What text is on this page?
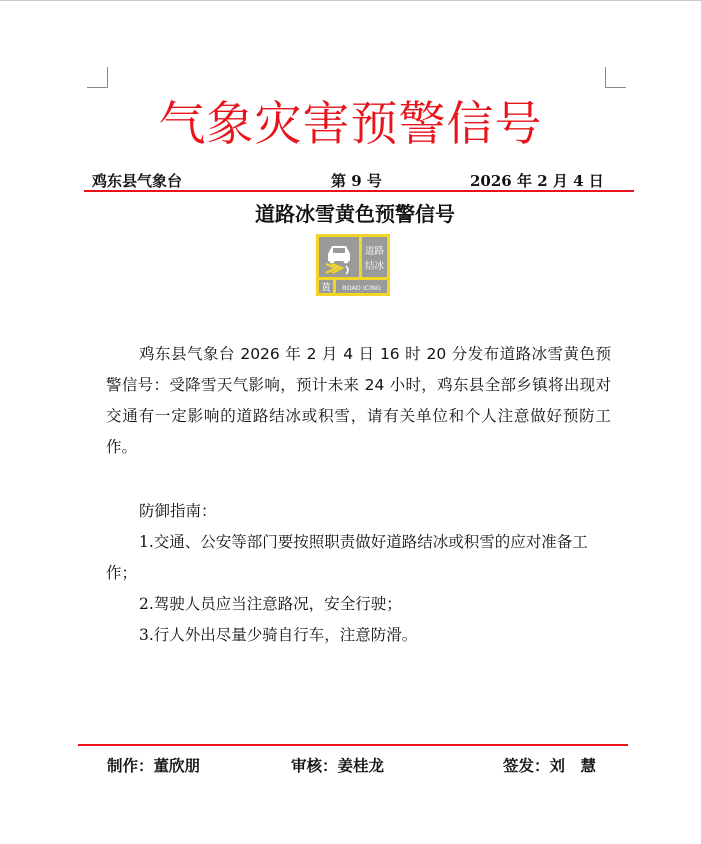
气象灾害预警信号
鸡东县气象台	第 9 号	2026 年 2 月 4 日
道路冰雪黄色预警信号
道路
结冰
黄 ROAD ICING

鸡东县气象台 2026 年 2 月 4 日 16 时 20 分发布道路冰雪黄色预警信号：受降雪天气影响，预计未来 24 小时，鸡东县全部乡镇将出现对交通有一定影响的道路结冰或积雪，请有关单位和个人注意做好预防工作。

防御指南：

1.交通、公安等部门要按照职责做好道路结冰或积雪的应对准备工作；

2.驾驶人员应当注意路况，安全行驶；

3.行人外出尽量少骑自行车，注意防滑。

制作：董欣朋	审核：姜桂龙	签发：刘　慧
